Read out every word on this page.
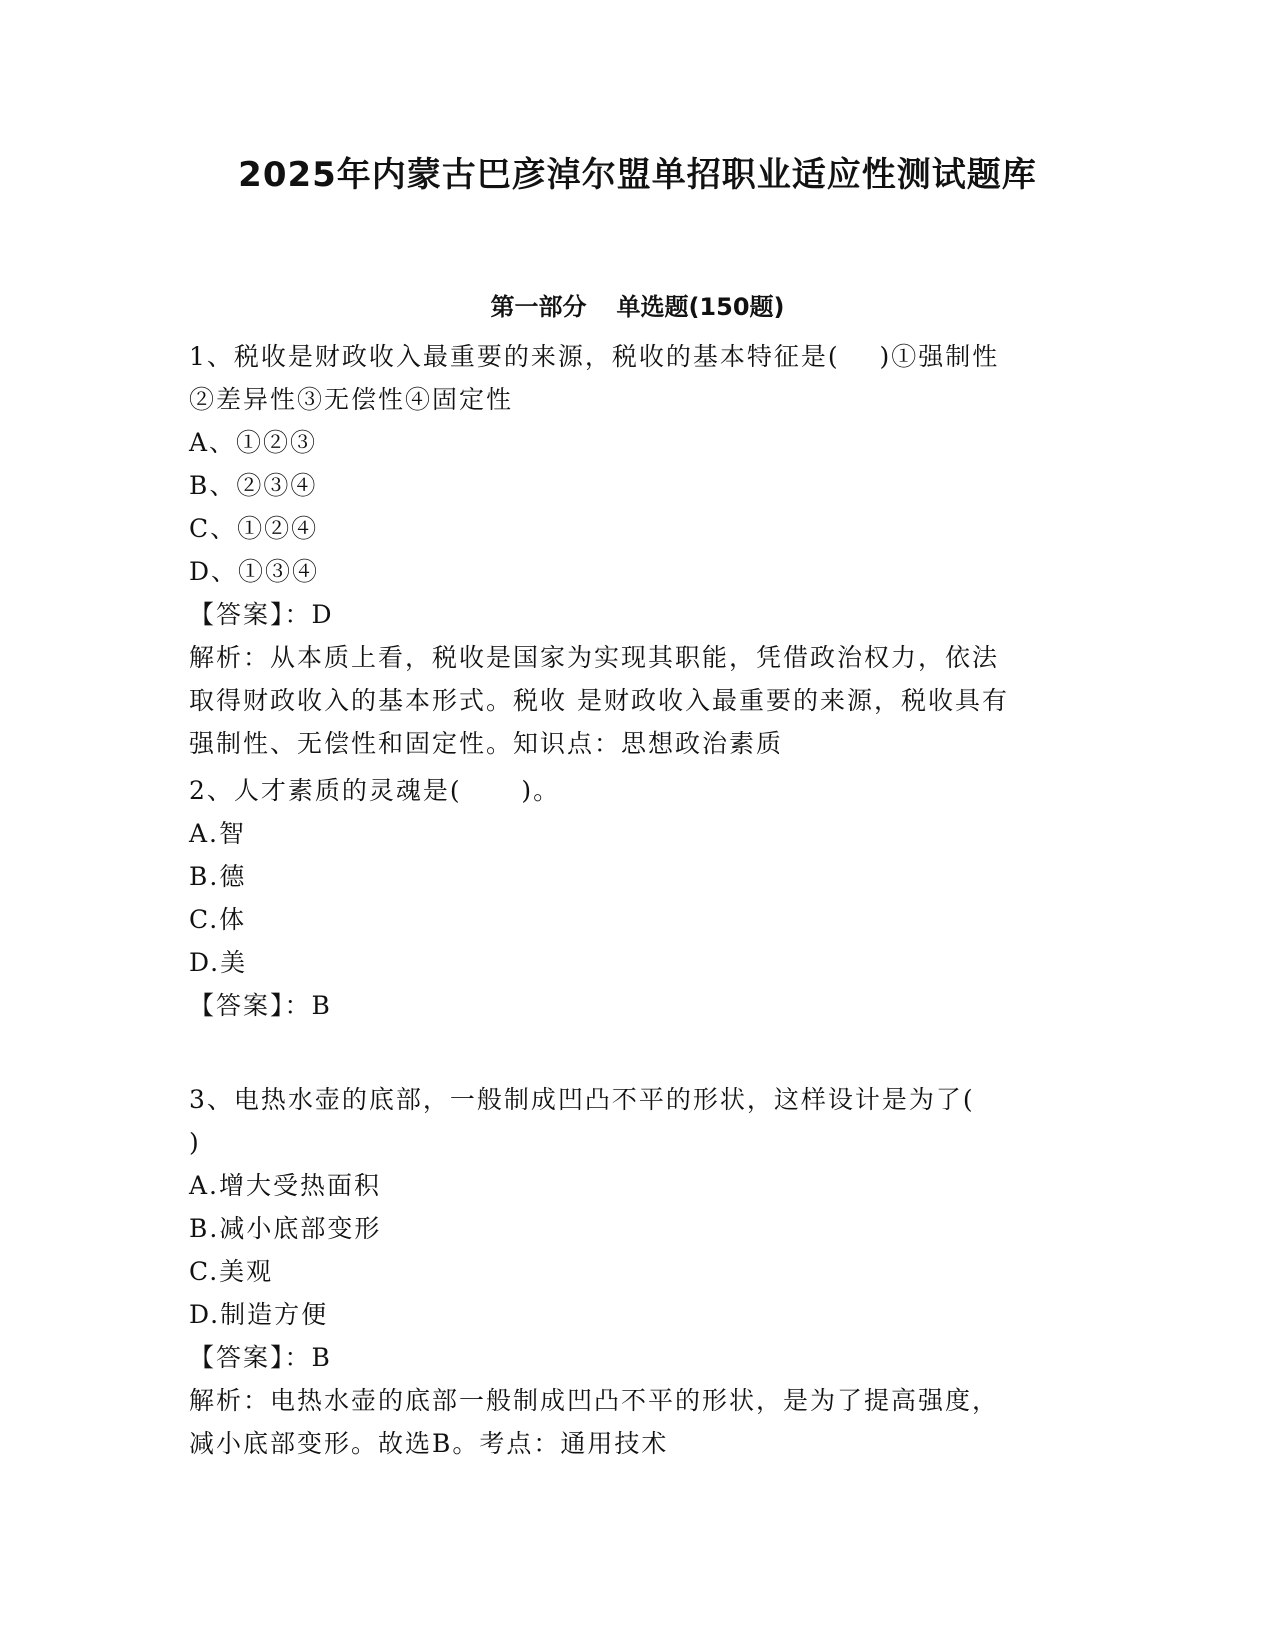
2025年内蒙古巴彦淖尔盟单招职业适应性测试题库
第一部分 单选题(150题)
1、税收是财政收入最重要的来源，税收的基本特征是(    )①强制性
②差异性③无偿性④固定性
A、①②③
B、②③④
C、①②④
D、①③④
【答案】：D
解析：从本质上看，税收是国家为实现其职能，凭借政治权力，依法
取得财政收入的基本形式。税收 是财政收入最重要的来源，税收具有
强制性、无偿性和固定性。知识点：思想政治素质
2、人才素质的灵魂是(      )。
A.智
B.德
C.体
D.美
【答案】：B
3、电热水壶的底部，一般制成凹凸不平的形状，这样设计是为了(
)
A.增大受热面积
B.减小底部变形
C.美观
D.制造方便
【答案】：B
解析：电热水壶的底部一般制成凹凸不平的形状，是为了提高强度，
减小底部变形。故选B。考点：通用技术
